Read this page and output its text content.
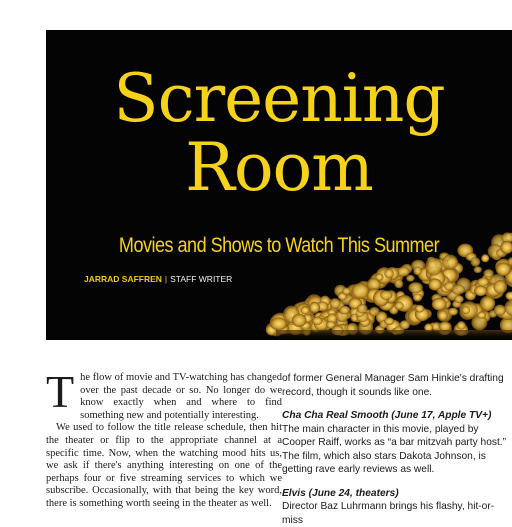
Screening
Room
Movies and Shows to Watch This Summer
JARRAD SAFFREN | STAFF WRITER
T he flow of movie and TV-watching has changed over the past decade or so. No longer do we know exactly when and where to find something new and potentially interesting.

We used to follow the title release schedule, then hit the theater or flip to the appropriate channel at a specific time. Now, when the watching mood hits us, we ask if there's anything interesting on one of the perhaps four or five streaming services to which we subscribe. Occasionally, with that being the key word, there is something worth seeing in the theater as well.

of former General Manager Sam Hinkie's drafting record, though it sounds like one.

Cha Cha Real Smooth (June 17, Apple TV+)

The main character in this movie, played by Cooper Raiff, works as “a bar mitzvah party host.” The film, which also stars Dakota Johnson, is getting rave early reviews as well.

Elvis (June 24, theaters)

Director Baz Luhrmann brings his flashy, hit-or-miss
